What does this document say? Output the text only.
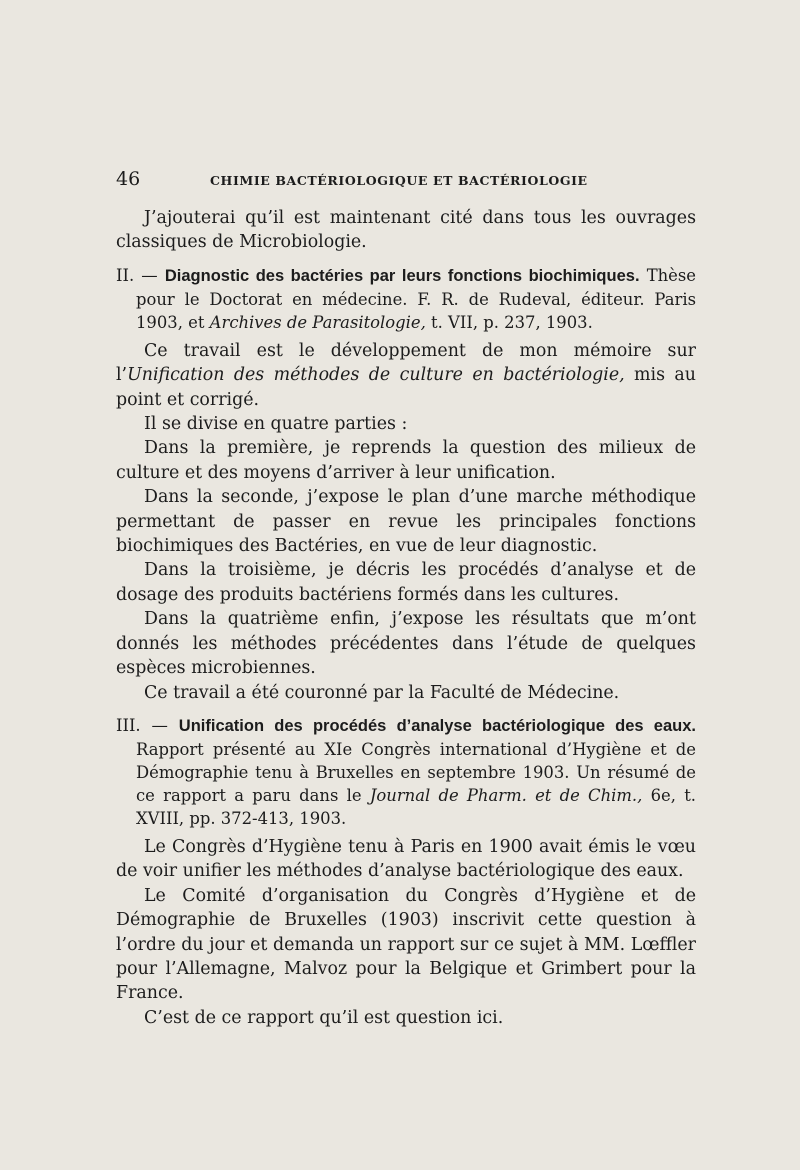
46	CHIMIE BACTÉRIOLOGIQUE ET BACTÉRIOLOGIE

J’ajouterai qu’il est maintenant cité dans tous les ouvrages classiques de Microbiologie.

II. — Diagnostic des bactéries par leurs fonctions biochimiques. Thèse pour le Doctorat en médecine. F. R. de Rudeval, éditeur. Paris 1903, et Archives de Parasitologie, t. VII, p. 237, 1903.

Ce travail est le développement de mon mémoire sur l’Unification des méthodes de culture en bactériologie, mis au point et corrigé.

Il se divise en quatre parties :

Dans la première, je reprends la question des milieux de culture et des moyens d’arriver à leur unification.

Dans la seconde, j’expose le plan d’une marche méthodique permettant de passer en revue les principales fonctions biochimiques des Bactéries, en vue de leur diagnostic.

Dans la troisième, je décris les procédés d’analyse et de dosage des produits bactériens formés dans les cultures.

Dans la quatrième enfin, j’expose les résultats que m’ont donnés les méthodes précédentes dans l’étude de quelques espèces microbiennes.

Ce travail a été couronné par la Faculté de Médecine.

III. — Unification des procédés d’analyse bactériologique des eaux. Rapport présenté au XIe Congrès international d’Hygiène et de Démographie tenu à Bruxelles en septembre 1903. Un résumé de ce rapport a paru dans le Journal de Pharm. et de Chim., 6e, t. XVIII, pp. 372-413, 1903.

Le Congrès d’Hygiène tenu à Paris en 1900 avait émis le vœu de voir unifier les méthodes d’analyse bactériologique des eaux.

Le Comité d’organisation du Congrès d’Hygiène et de Démographie de Bruxelles (1903) inscrivit cette question à l’ordre du jour et demanda un rapport sur ce sujet à MM. Lœffler pour l’Allemagne, Malvoz pour la Belgique et Grimbert pour la France.

C’est de ce rapport qu’il est question ici.
